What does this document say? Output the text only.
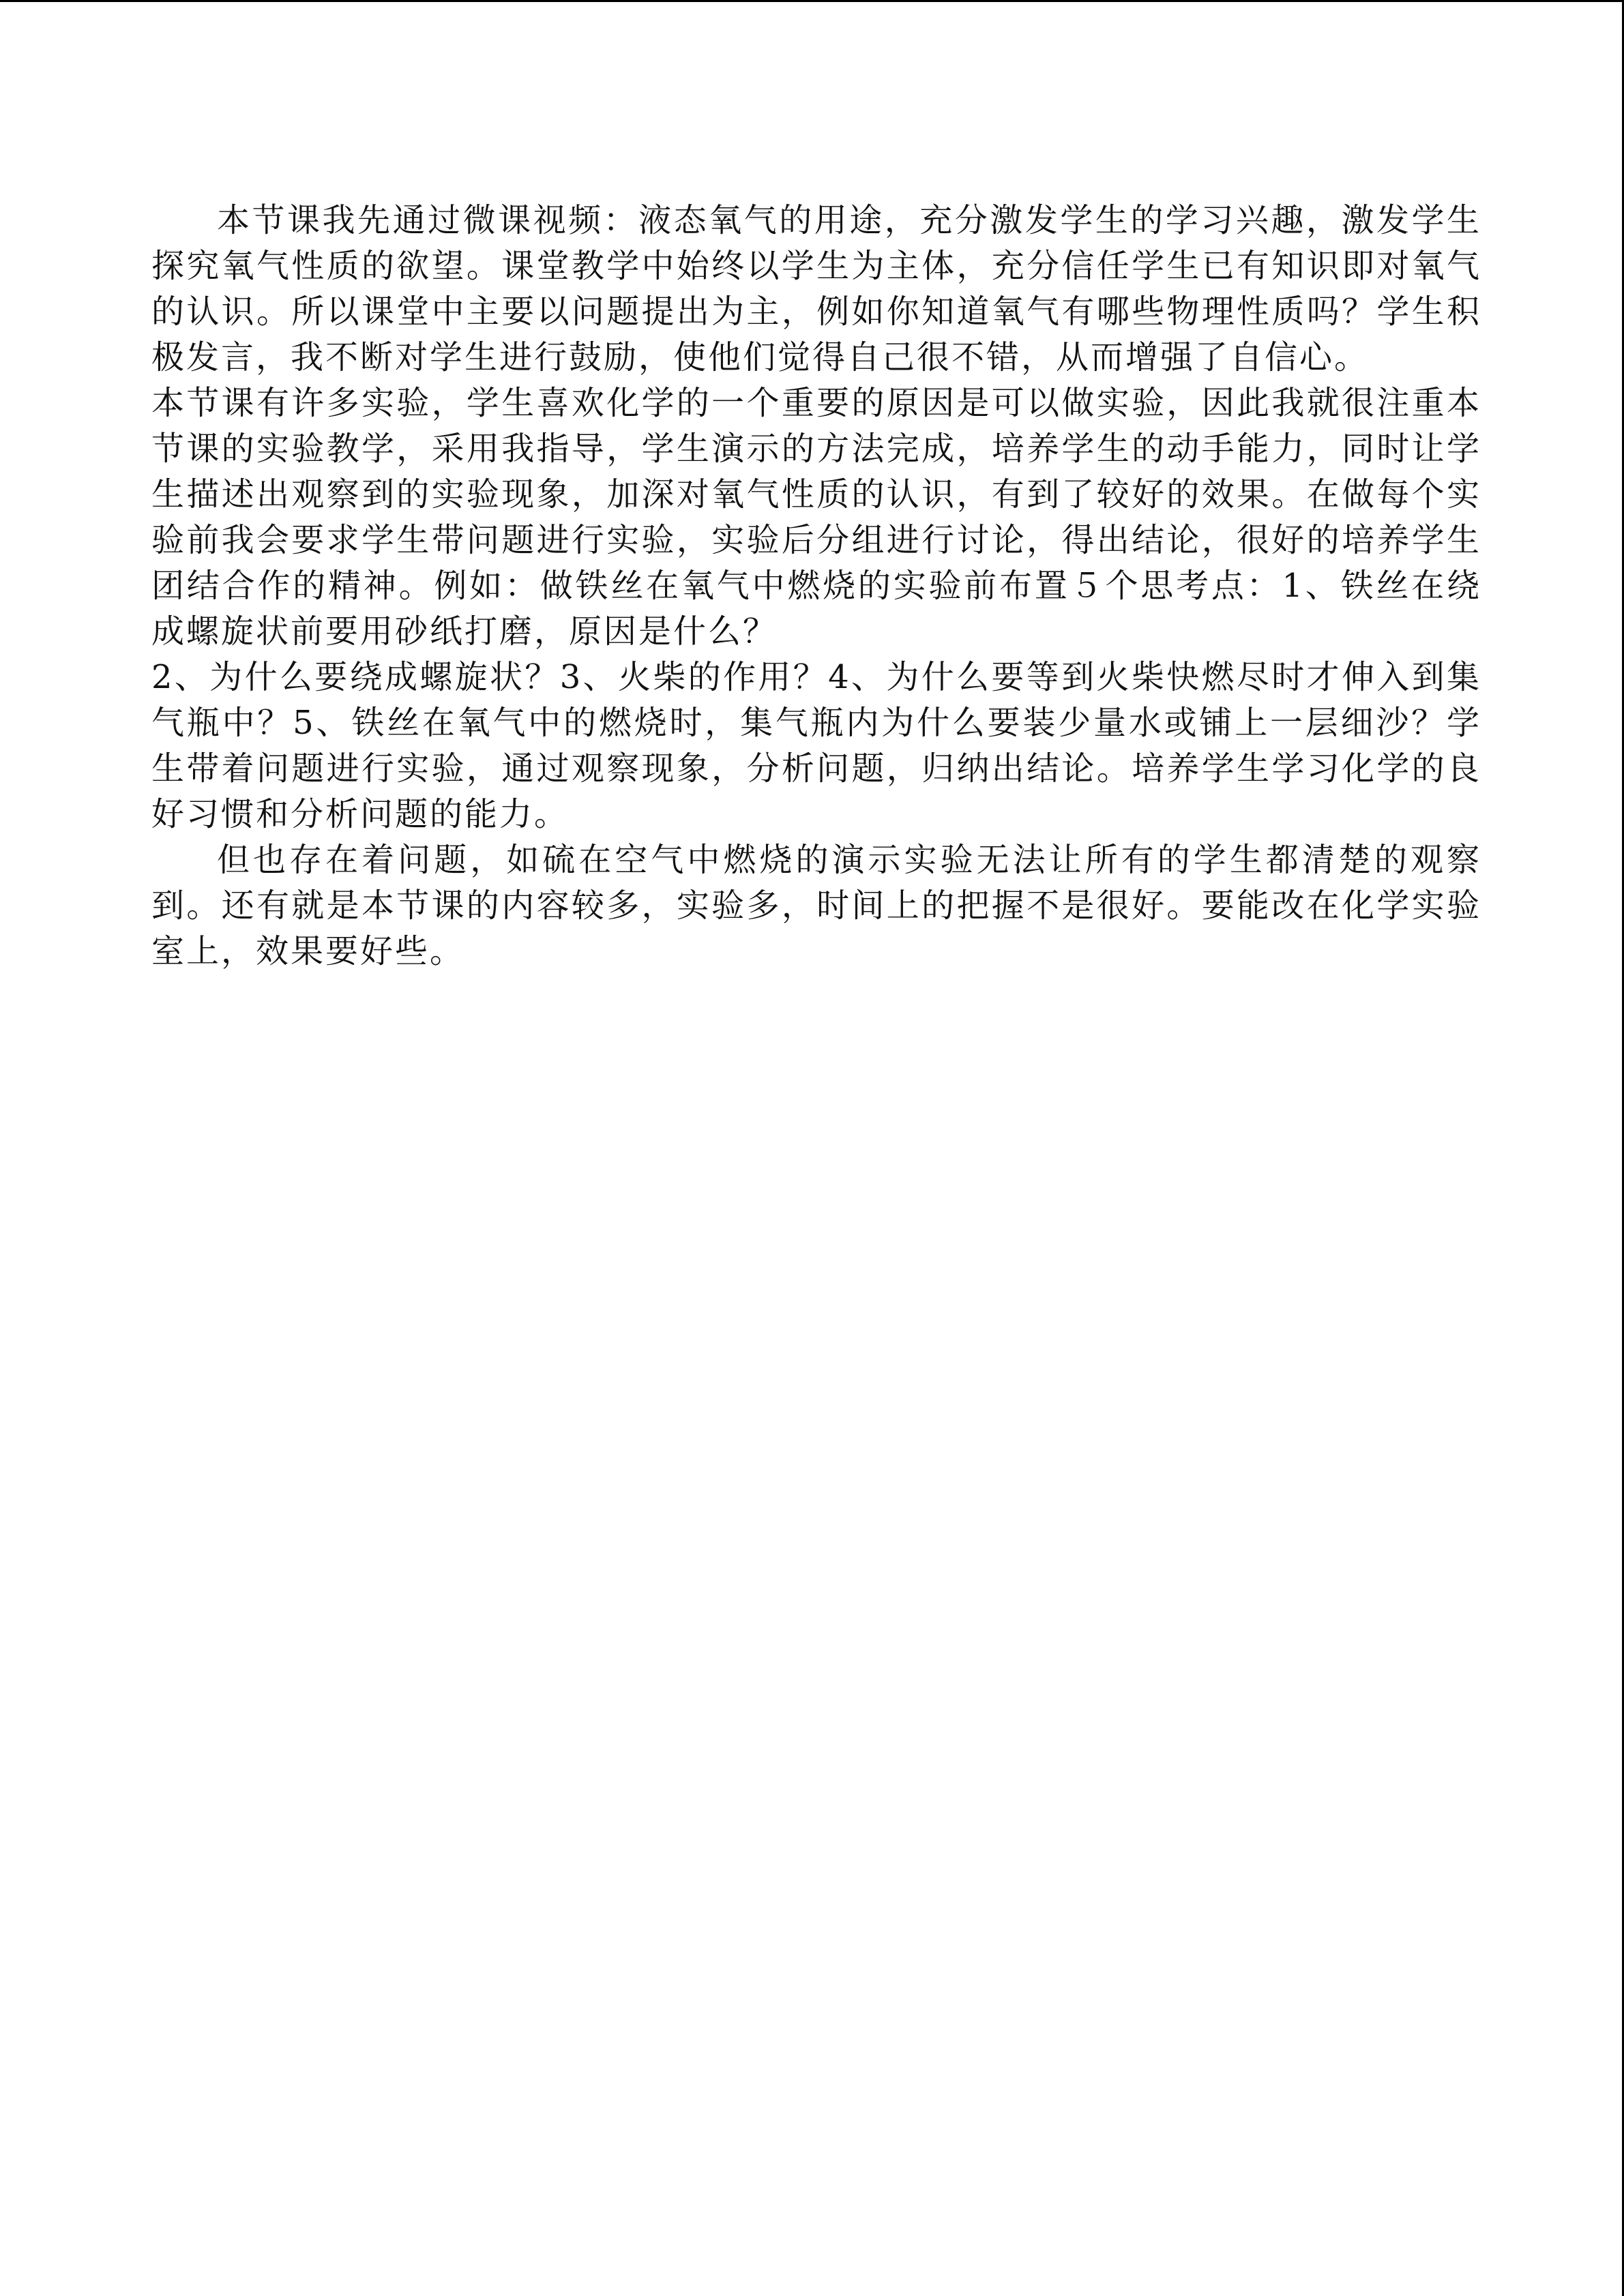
本节课我先通过微课视频：液态氧气的用途，充分激发学生的学习兴趣，激发学生探究氧气性质的欲望。课堂教学中始终以学生为主体，充分信任学生已有知识即对氧气的认识。所以课堂中主要以问题提出为主，例如你知道氧气有哪些物理性质吗？学生积极发言，我不断对学生进行鼓励，使他们觉得自己很不错，从而增强了自信心。

本节课有许多实验，学生喜欢化学的一个重要的原因是可以做实验，因此我就很注重本节课的实验教学，采用我指导，学生演示的方法完成，培养学生的动手能力，同时让学生描述出观察到的实验现象，加深对氧气性质的认识，有到了较好的效果。在做每个实验前我会要求学生带问题进行实验，实验后分组进行讨论，得出结论，很好的培养学生团结合作的精神。例如：做铁丝在氧气中燃烧的实验前布置５个思考点：1、铁丝在绕成螺旋状前要用砂纸打磨，原因是什么？

2、为什么要绕成螺旋状？3、火柴的作用？4、为什么要等到火柴快燃尽时才伸入到集气瓶中？5、铁丝在氧气中的燃烧时，集气瓶内为什么要装少量水或铺上一层细沙？学生带着问题进行实验，通过观察现象，分析问题，归纳出结论。培养学生学习化学的良好习惯和分析问题的能力。

但也存在着问题，如硫在空气中燃烧的演示实验无法让所有的学生都清楚的观察到。还有就是本节课的内容较多，实验多，时间上的把握不是很好。要能改在化学实验室上，效果要好些。
